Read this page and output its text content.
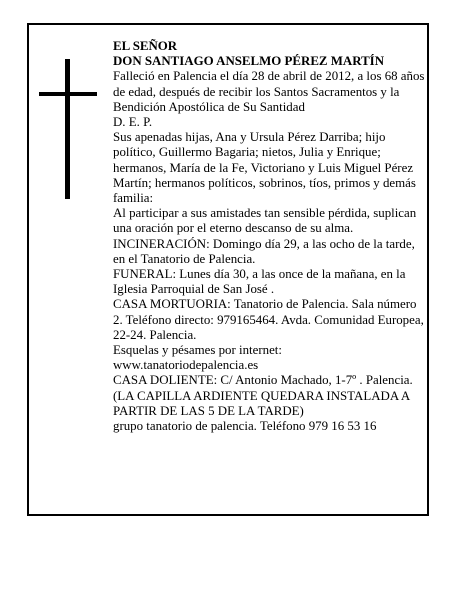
EL SEÑOR

DON SANTIAGO ANSELMO PÉREZ MARTÍN

Falleció en Palencia el día 28 de abril de 2012, a los 68 años de edad, después de recibir los Santos Sacramentos y la Bendición Apostólica de Su Santidad

D. E. P.

Sus apenadas hijas, Ana y Ursula Pérez Darriba; hijo político, Guillermo Bagaria; nietos, Julia y Enrique; hermanos, María de la Fe, Victoriano y Luis Miguel Pérez Martín; hermanos políticos, sobrinos, tíos, primos y demás familia:

Al participar a sus amistades tan sensible pérdida, suplican una oración por el eterno descanso de su alma.

INCINERACIÓN: Domingo día 29, a las ocho de la tarde, en el Tanatorio de Palencia.

FUNERAL: Lunes día 30, a las once de la mañana, en la Iglesia Parroquial de San José .

CASA MORTUORIA: Tanatorio de Palencia. Sala número 2. Teléfono directo: 979165464. Avda. Comunidad Europea, 22-24. Palencia.

Esquelas y pésames por internet: www.tanatoriodepalencia.es

CASA DOLIENTE: C/ Antonio Machado, 1-7º . Palencia.

(LA CAPILLA ARDIENTE QUEDARA INSTALADA A PARTIR DE LAS 5 DE LA TARDE)

grupo tanatorio de palencia. Teléfono 979 16 53 16
